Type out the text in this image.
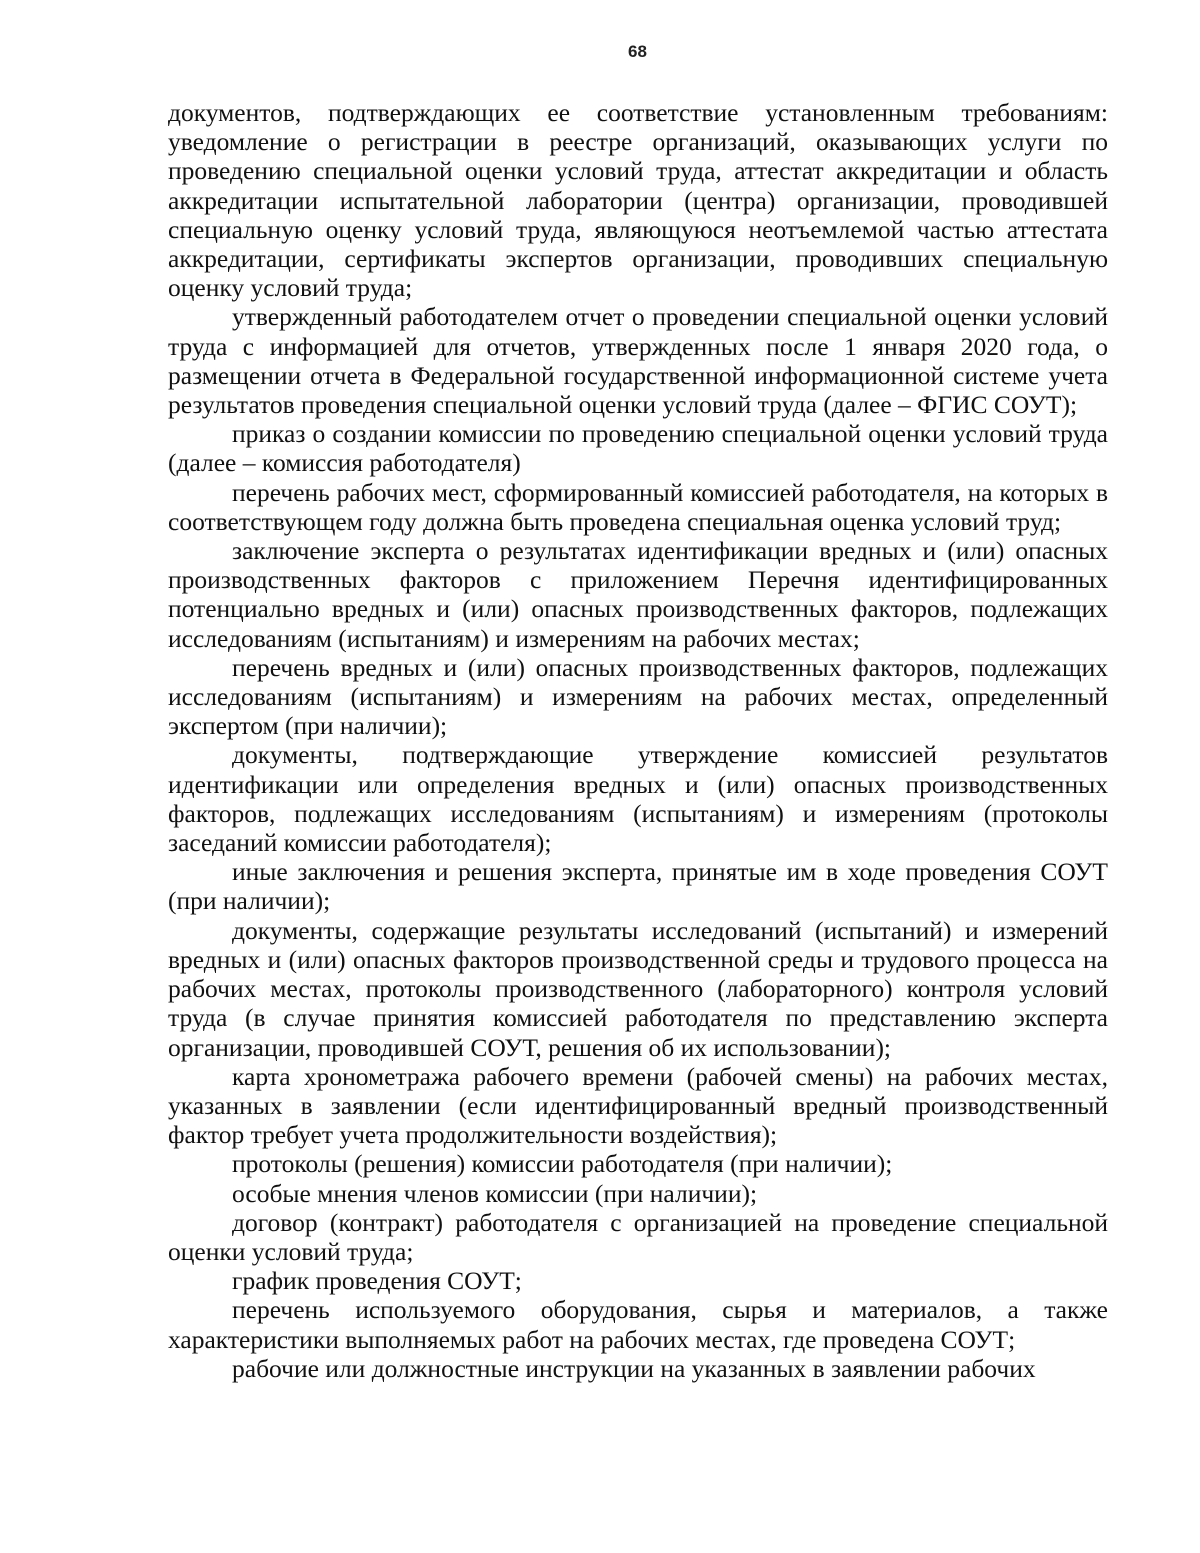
68

документов, подтверждающих ее соответствие установленным требованиям: уведомление о регистрации в реестре организаций, оказывающих услуги по проведению специальной оценки условий труда, аттестат аккредитации и область аккредитации испытательной лаборатории (центра) организации, проводившей специальную оценку условий труда, являющуюся неотъемлемой частью аттестата аккредитации, сертификаты экспертов организации, проводивших специальную оценку условий труда;

утвержденный работодателем отчет о проведении специальной оценки условий труда с информацией для отчетов, утвержденных после 1 января 2020 года, о размещении отчета в Федеральной государственной информационной системе учета результатов проведения специальной оценки условий труда (далее – ФГИС СОУТ);

приказ о создании комиссии по проведению специальной оценки условий труда (далее – комиссия работодателя)

перечень рабочих мест, сформированный комиссией работодателя, на которых в соответствующем году должна быть проведена специальная оценка условий труд;

заключение эксперта о результатах идентификации вредных и (или) опасных производственных факторов с приложением Перечня идентифицированных потенциально вредных и (или) опасных производственных факторов, подлежащих исследованиям (испытаниям) и измерениям на рабочих местах;

перечень вредных и (или) опасных производственных факторов, подлежащих исследованиям (испытаниям) и измерениям на рабочих местах, определенный экспертом (при наличии);

документы, подтверждающие утверждение комиссией результатов идентификации или определения вредных и (или) опасных производственных факторов, подлежащих исследованиям (испытаниям) и измерениям (протоколы заседаний комиссии работодателя);

иные заключения и решения эксперта, принятые им в ходе проведения СОУТ (при наличии);

документы, содержащие результаты исследований (испытаний) и измерений вредных и (или) опасных факторов производственной среды и трудового процесса на рабочих местах, протоколы производственного (лабораторного) контроля условий труда (в случае принятия комиссией работодателя по представлению эксперта организации, проводившей СОУТ, решения об их использовании);

карта хронометража рабочего времени (рабочей смены) на рабочих местах, указанных в заявлении (если идентифицированный вредный производственный фактор требует учета продолжительности воздействия);

протоколы (решения) комиссии работодателя (при наличии);

особые мнения членов комиссии (при наличии);

договор (контракт) работодателя с организацией на проведение специальной оценки условий труда;

график проведения СОУТ;

перечень используемого оборудования, сырья и материалов, а также характеристики выполняемых работ на рабочих местах, где проведена СОУТ;

рабочие или должностные инструкции на указанных в заявлении рабочих
